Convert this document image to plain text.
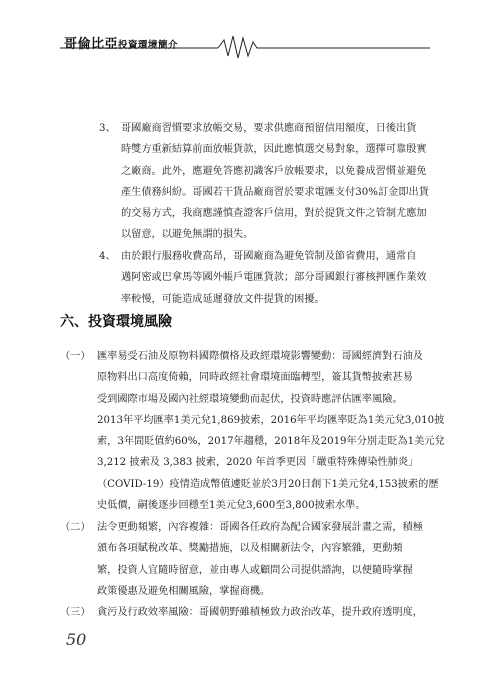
哥倫比亞投資環境簡介
3、 哥國廠商習慣要求放帳交易，要求供應商預留信用額度，日後出貨
時雙方重新結算前面放帳貨款，因此應慎選交易對象，選擇可靠殷實
之廠商。此外，應避免答應初識客戶放帳要求，以免養成習慣並避免
產生債務糾紛。哥國若干貨品廠商習於要求電匯支付30%訂金即出貨
的交易方式，我商應謹慎查證客戶信用，對於提貨文件之管制尤應加
以留意，以避免無謂的損失。
4、 由於銀行服務收費高昂，哥國廠商為避免管制及節省費用，通常自
邁阿密或巴拿馬等國外帳戶電匯貨款；部分哥國銀行審核押匯作業效
率較慢，可能造成延遲發放文件提貨的困擾。
六、投資環境風險
（一） 匯率易受石油及原物料國際價格及政經環境影響變動：哥國經濟對石油及
原物料出口高度倚賴，同時政經社會環境面臨轉型，簽其貨幣披索甚易
受到國際市場及國內社經環境變動而起伏，投資時應評估匯率風險。
2013年平均匯率1美元兌1,869披索，2016年平均匯率貶為1美元兌3,010披
索，3年間貶值約60%，2017年趨穩，2018年及2019年分別走貶為1美元兌
3,212 披索及 3,383 披索，2020 年首季更因「嚴重特殊傳染性肺炎」
（COVID-19）疫情造成幣值遽貶並於3月20日創下1美元兌4,153披索的歷
史低價，嗣後逐步回穩至1美元兌3,600至3,800披索水準。
（二） 法令更動頻繁，內容複雜：哥國各任政府為配合國家發展計畫之需，積極
頒布各項賦稅改革、獎勵措施，以及相關新法令，內容繁雜，更動頻
繁，投資人宜隨時留意，並由專人或顧問公司提供諮詢，以便隨時掌握
政策優惠及避免相關風險，掌握商機。
（三） 貪污及行政效率風險：哥國朝野雖積極致力政治改革，提升政府透明度，
50
